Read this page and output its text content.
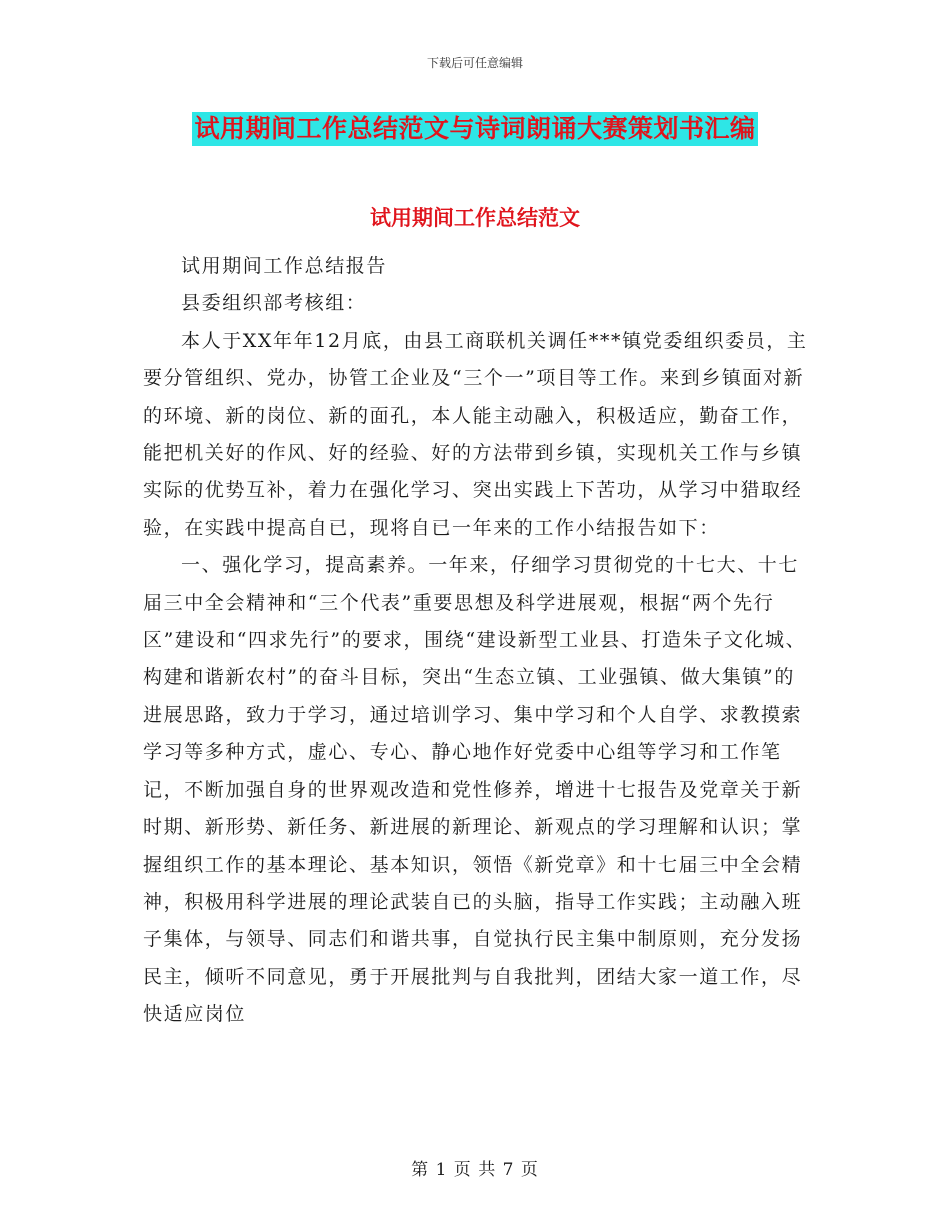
下载后可任意编辑
试用期间工作总结范文与诗词朗诵大赛策划书汇编
试用期间工作总结范文

试用期间工作总结报告

县委组织部考核组：

本人于XX年年12月底，由县工商联机关调任***镇党委组织委员，主要分管组织、党办，协管工企业及“三个一”项目等工作。来到乡镇面对新的环境、新的岗位、新的面孔，本人能主动融入，积极适应，勤奋工作，能把机关好的作风、好的经验、好的方法带到乡镇，实现机关工作与乡镇实际的优势互补，着力在强化学习、突出实践上下苦功，从学习中猎取经验，在实践中提高自已，现将自已一年来的工作小结报告如下：

一、强化学习，提高素养。一年来，仔细学习贯彻党的十七大、十七届三中全会精神和“三个代表”重要思想及科学进展观，根据“两个先行区”建设和“四求先行”的要求，围绕“建设新型工业县、打造朱子文化城、构建和谐新农村”的奋斗目标，突出“生态立镇、工业强镇、做大集镇”的进展思路，致力于学习，通过培训学习、集中学习和个人自学、求教摸索学习等多种方式，虚心、专心、静心地作好党委中心组等学习和工作笔记，不断加强自身的世界观改造和党性修养，增进十七报告及党章关于新时期、新形势、新任务、新进展的新理论、新观点的学习理解和认识；掌握组织工作的基本理论、基本知识，领悟《新党章》和十七届三中全会精神，积极用科学进展的理论武装自已的头脑，指导工作实践；主动融入班子集体，与领导、同志们和谐共事，自觉执行民主集中制原则，充分发扬民主，倾听不同意见，勇于开展批判与自我批判，团结大家一道工作，尽快适应岗位

第 1 页 共 7 页
